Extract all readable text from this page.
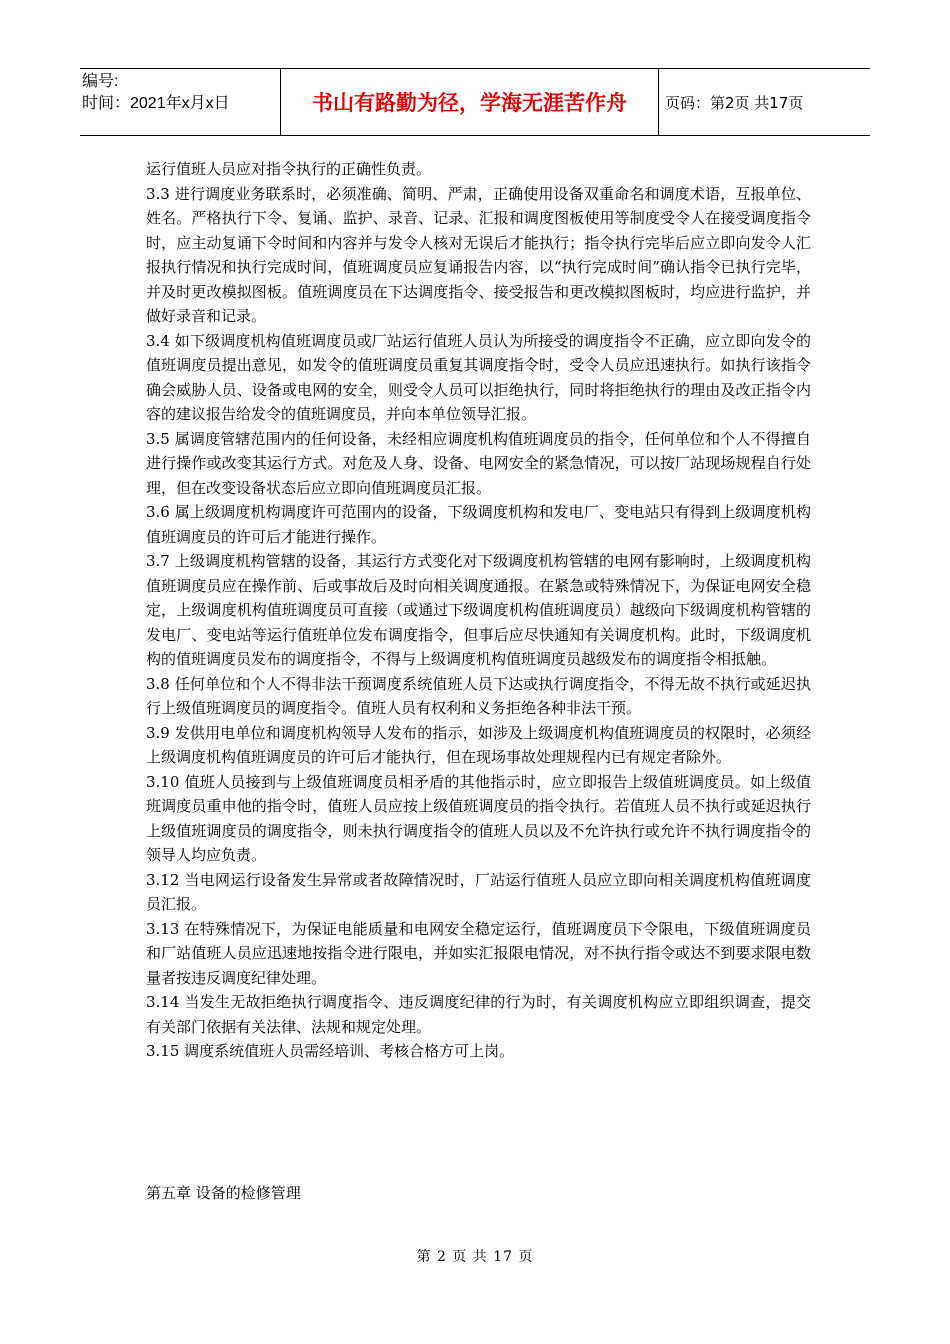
编号:
时间：2021年x月x日	书山有路勤为径，学海无涯苦作舟	页码：第2页 共17页

运行值班人员应对指令执行的正确性负责。

3.3 进行调度业务联系时，必须准确、简明、严肃，正确使用设备双重命名和调度术语，互报单位、姓名。严格执行下令、复诵、监护、录音、记录、汇报和调度图板使用等制度受令人在接受调度指令时，应主动复诵下令时间和内容并与发令人核对无误后才能执行；指令执行完毕后应立即向发令人汇报执行情况和执行完成时间，值班调度员应复诵报告内容，以“执行完成时间”确认指令已执行完毕，并及时更改模拟图板。值班调度员在下达调度指令、接受报告和更改模拟图板时，均应进行监护，并做好录音和记录。

3.4 如下级调度机构值班调度员或厂站运行值班人员认为所接受的调度指令不正确，应立即向发令的值班调度员提出意见，如发令的值班调度员重复其调度指令时，受令人员应迅速执行。如执行该指令确会威胁人员、设备或电网的安全，则受令人员可以拒绝执行，同时将拒绝执行的理由及改正指令内容的建议报告给发令的值班调度员，并向本单位领导汇报。

3.5 属调度管辖范围内的任何设备，未经相应调度机构值班调度员的指令，任何单位和个人不得擅自进行操作或改变其运行方式。对危及人身、设备、电网安全的紧急情况，可以按厂站现场规程自行处理，但在改变设备状态后应立即向值班调度员汇报。

3.6 属上级调度机构调度许可范围内的设备，下级调度机构和发电厂、变电站只有得到上级调度机构值班调度员的许可后才能进行操作。

3.7 上级调度机构管辖的设备，其运行方式变化对下级调度机构管辖的电网有影响时，上级调度机构值班调度员应在操作前、后或事故后及时向相关调度通报。在紧急或特殊情况下，为保证电网安全稳定，上级调度机构值班调度员可直接（或通过下级调度机构值班调度员）越级向下级调度机构管辖的发电厂、变电站等运行值班单位发布调度指令，但事后应尽快通知有关调度机构。此时，下级调度机构的值班调度员发布的调度指令，不得与上级调度机构值班调度员越级发布的调度指令相抵触。

3.8 任何单位和个人不得非法干预调度系统值班人员下达或执行调度指令，不得无故不执行或延迟执行上级值班调度员的调度指令。值班人员有权利和义务拒绝各种非法干预。

3.9 发供用电单位和调度机构领导人发布的指示，如涉及上级调度机构值班调度员的权限时，必须经上级调度机构值班调度员的许可后才能执行，但在现场事故处理规程内已有规定者除外。

3.10 值班人员接到与上级值班调度员相矛盾的其他指示时，应立即报告上级值班调度员。如上级值班调度员重申他的指令时，值班人员应按上级值班调度员的指令执行。若值班人员不执行或延迟执行上级值班调度员的调度指令，则未执行调度指令的值班人员以及不允许执行或允许不执行调度指令的领导人均应负责。

3.12 当电网运行设备发生异常或者故障情况时，厂站运行值班人员应立即向相关调度机构值班调度员汇报。

3.13 在特殊情况下，为保证电能质量和电网安全稳定运行，值班调度员下令限电，下级值班调度员和厂站值班人员应迅速地按指令进行限电，并如实汇报限电情况，对不执行指令或达不到要求限电数量者按违反调度纪律处理。

3.14 当发生无故拒绝执行调度指令、违反调度纪律的行为时，有关调度机构应立即组织调查，提交有关部门依据有关法律、法规和规定处理。

3.15 调度系统值班人员需经培训、考核合格方可上岗。

第五章 设备的检修管理
第 2 页 共 17 页
